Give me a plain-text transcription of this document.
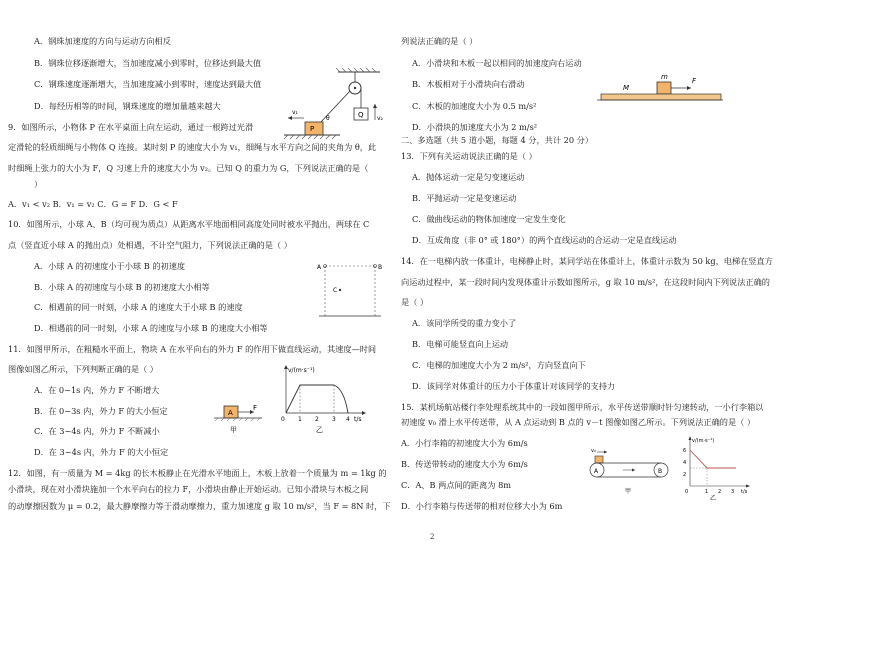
A．钢珠加速度的方向与运动方向相反
B．钢珠位移逐渐增大，当加速度减小到零时，位移达到最大值
C．钢珠速度逐渐增大，当加速度减小到零时，速度达到最大值
D．每经历相等的时间，钢珠速度的增加量越来越大
9．如图所示，小物体 P 在水平桌面上向左运动，通过一根跨过光滑
定滑轮的轻质细绳与小物体 Q 连接。某时刻 P 的速度大小为 v₁，细绳与水平方向之间的夹角为 θ，此
时细绳上张力的大小为 F，Q 习速上升的速度大小为 v₂。已知 Q 的重力为 G，下列说法正确的是（
）
A．v₁ < v₂ B．v₁ = v₂ C．G = F D．G < F
10．如图所示，小球 A、B（均可视为质点）从距离水平地面相同高度处同时被水平抛出，两球在 C
点（竖直近小球 A 的抛出点）处相遇，不计空气阻力，下列说法正确的是（ ）
A．小球 A 的初速度小于小球 B 的初速度
B．小球 A 的初速度与小球 B 的初速度大小相等
C．相遇前的同一时刻，小球 A 的速度大于小球 B 的速度
D．相遇前的同一时刻，小球 A 的速度与小球 B 的速度大小相等
11．如图甲所示，在粗糙水平面上，物块 A 在水平向右的外力 F 的作用下做直线运动，其速度—时间
图像如图乙所示，下列判断正确的是（ ）
A．在 0~1s 内，外力 F 不断增大
B．在 0~3s 内，外力 F 的大小恒定
C．在 3~4s 内，外力 F 不断减小
D．在 3~4s 内，外力 F 的大小恒定
12．如图，有一质量为 M = 4kg 的长木板静止在光滑水平地面上，木板上放着一个质量为 m = 1kg 的
小滑块，现在对小滑块施加一个水平向右的拉力 F，小滑块由静止开始运动。已知小滑块与木板之间
的动摩擦因数为 μ = 0.2，最大静摩擦力等于滑动摩擦力，重力加速度 g 取 10 m/s²，当 F = 8N 时，下
列说法正确的是（ ）
A．小滑块和木板一起以相同的加速度向右运动
B．木板相对于小滑块向右滑动
C．木板的加速度大小为 0.5 m/s²
D．小滑块的加速度大小为 2 m/s²
二、多选题（共 5 道小题，每题 4 分，共计 20 分）
13．下列有关运动说法正确的是（ ）
A．抛体运动一定是匀变速运动
B．平抛运动一定是变速运动
C．做曲线运动的物体加速度一定发生变化
D．互成角度（非 0° 或 180°）的两个直线运动的合运动一定是直线运动
14．在一电梯内放一体重计，电梯静止时，某同学站在体重计上，体重计示数为 50 kg，电梯在竖直方
向运动过程中，某一段时间内发现体重计示数如图所示，g 取 10 m/s²，在这段时间内下列说法正确的
是（ ）
A．该同学所受的重力变小了
B．电梯可能竖直向上运动
C．电梯的加速度大小为 2 m/s²，方向竖直向下
D．该同学对体重计的压力小于体重计对该同学的支持力
15．某机场航站楼行李处理系统其中的一段如图甲所示，水平传送带顺时针匀速转动，一小行李箱以
初速度 v₀ 滑上水平传送带，从 A 点运动到 B 点的 v－t 图像如图乙所示。下列说法正确的是（ ）
A．小行李箱的初速度大小为 6m/s
B．传送带转动的速度大小为 6m/s
C．A、B 两点间的距离为 8m
D．小行李箱与传送带的相对位移大小为 6m
Q
P
v₁
v₂
θ
A	B
C
A
F
甲
v/(m·s⁻¹)
t/s
0 1 2 3 4
乙
m	F
M
v₀
A	B
甲
v/(m·s⁻¹)
t/s
6
4
2
0	1 2 3
乙
2
